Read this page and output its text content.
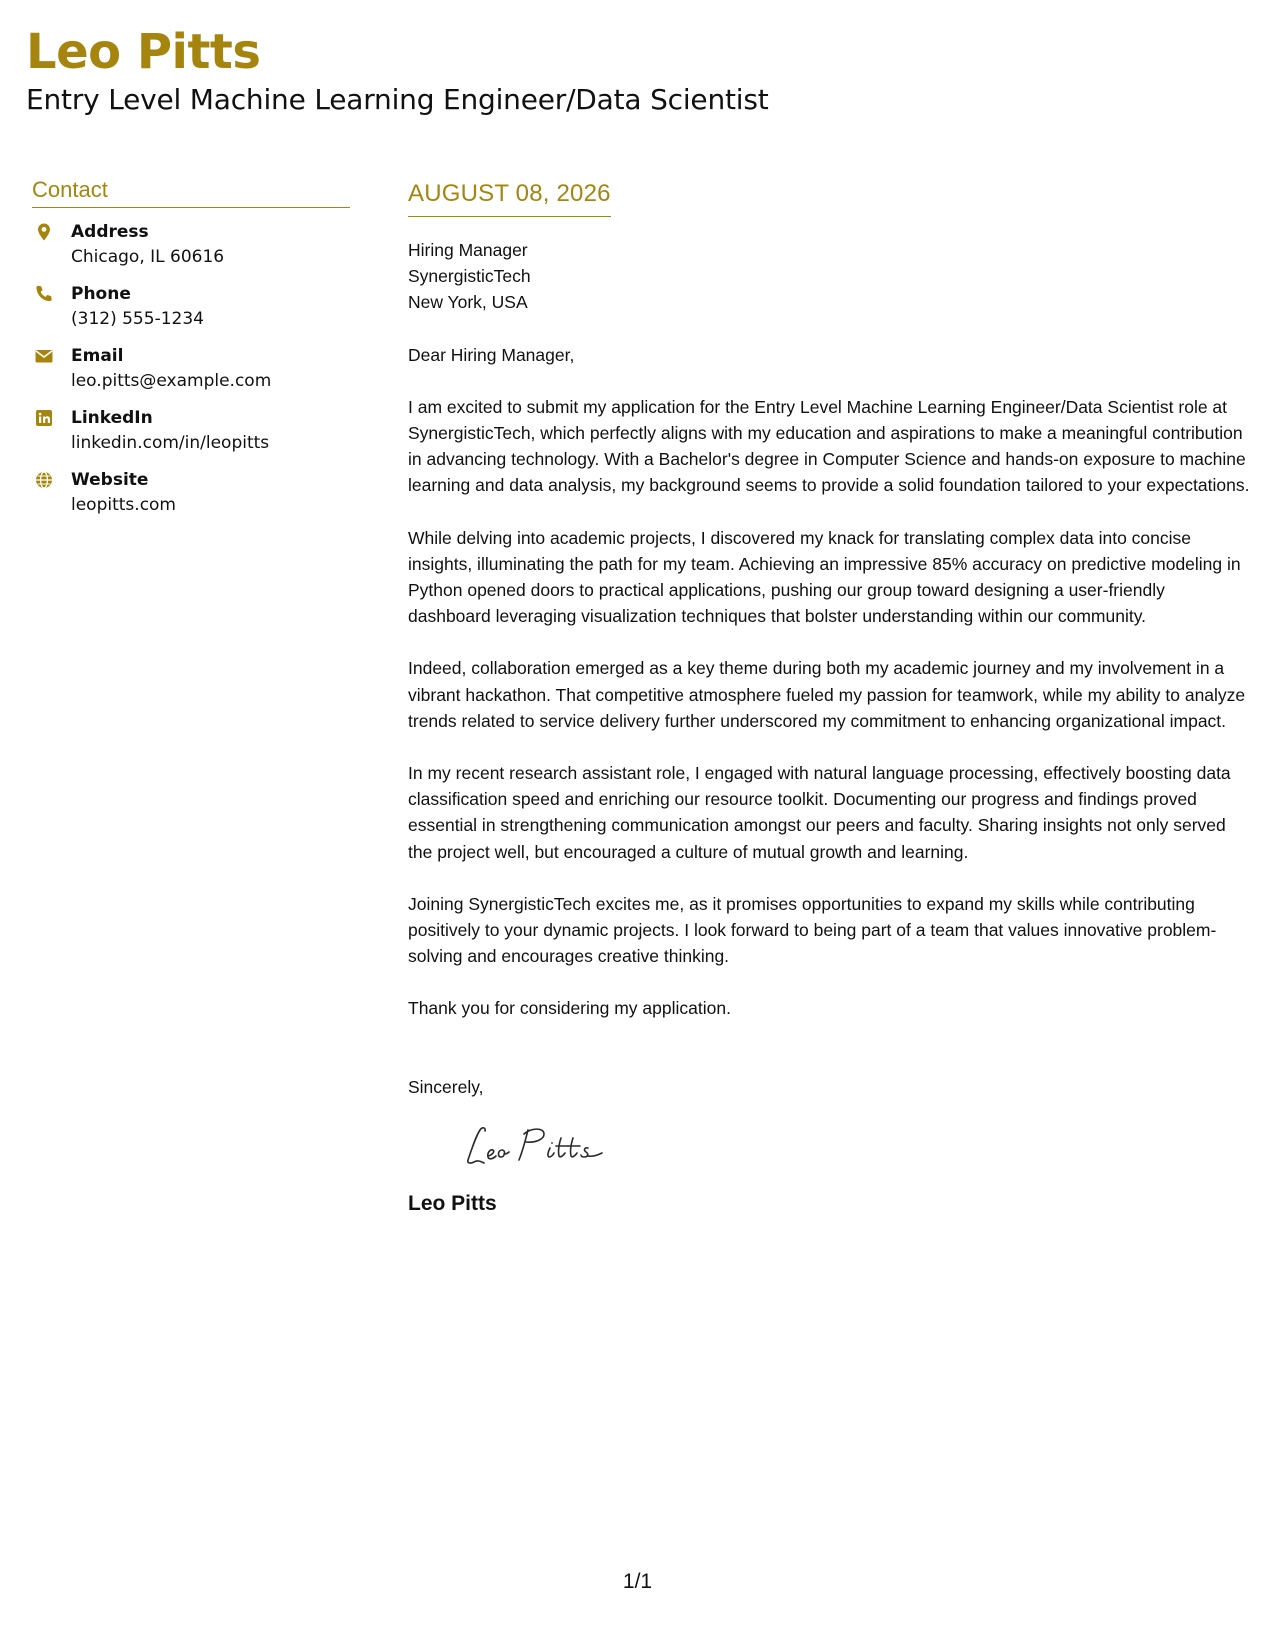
Leo Pitts
Entry Level Machine Learning Engineer/Data Scientist
Contact
Address
Chicago, IL 60616
Phone
(312) 555-1234
Email
leo.pitts@example.com
LinkedIn
linkedin.com/in/leopitts
Website
leopitts.com
AUGUST 08, 2026
Hiring Manager
SynergisticTech
New York, USA
Dear Hiring Manager,

I am excited to submit my application for the Entry Level Machine Learning Engineer/Data Scientist role at SynergisticTech, which perfectly aligns with my education and aspirations to make a meaningful contribution in advancing technology. With a Bachelor's degree in Computer Science and hands-on exposure to machine learning and data analysis, my background seems to provide a solid foundation tailored to your expectations.

While delving into academic projects, I discovered my knack for translating complex data into concise insights, illuminating the path for my team. Achieving an impressive 85% accuracy on predictive modeling in Python opened doors to practical applications, pushing our group toward designing a user-friendly dashboard leveraging visualization techniques that bolster understanding within our community.

Indeed, collaboration emerged as a key theme during both my academic journey and my involvement in a vibrant hackathon. That competitive atmosphere fueled my passion for teamwork, while my ability to analyze trends related to service delivery further underscored my commitment to enhancing organizational impact.

In my recent research assistant role, I engaged with natural language processing, effectively boosting data classification speed and enriching our resource toolkit. Documenting our progress and findings proved essential in strengthening communication amongst our peers and faculty. Sharing insights not only served the project well, but encouraged a culture of mutual growth and learning.

Joining SynergisticTech excites me, as it promises opportunities to expand my skills while contributing positively to your dynamic projects. I look forward to being part of a team that values innovative problem-solving and encourages creative thinking.

Thank you for considering my application.
Sincerely,
Leo Pitts
1/1
